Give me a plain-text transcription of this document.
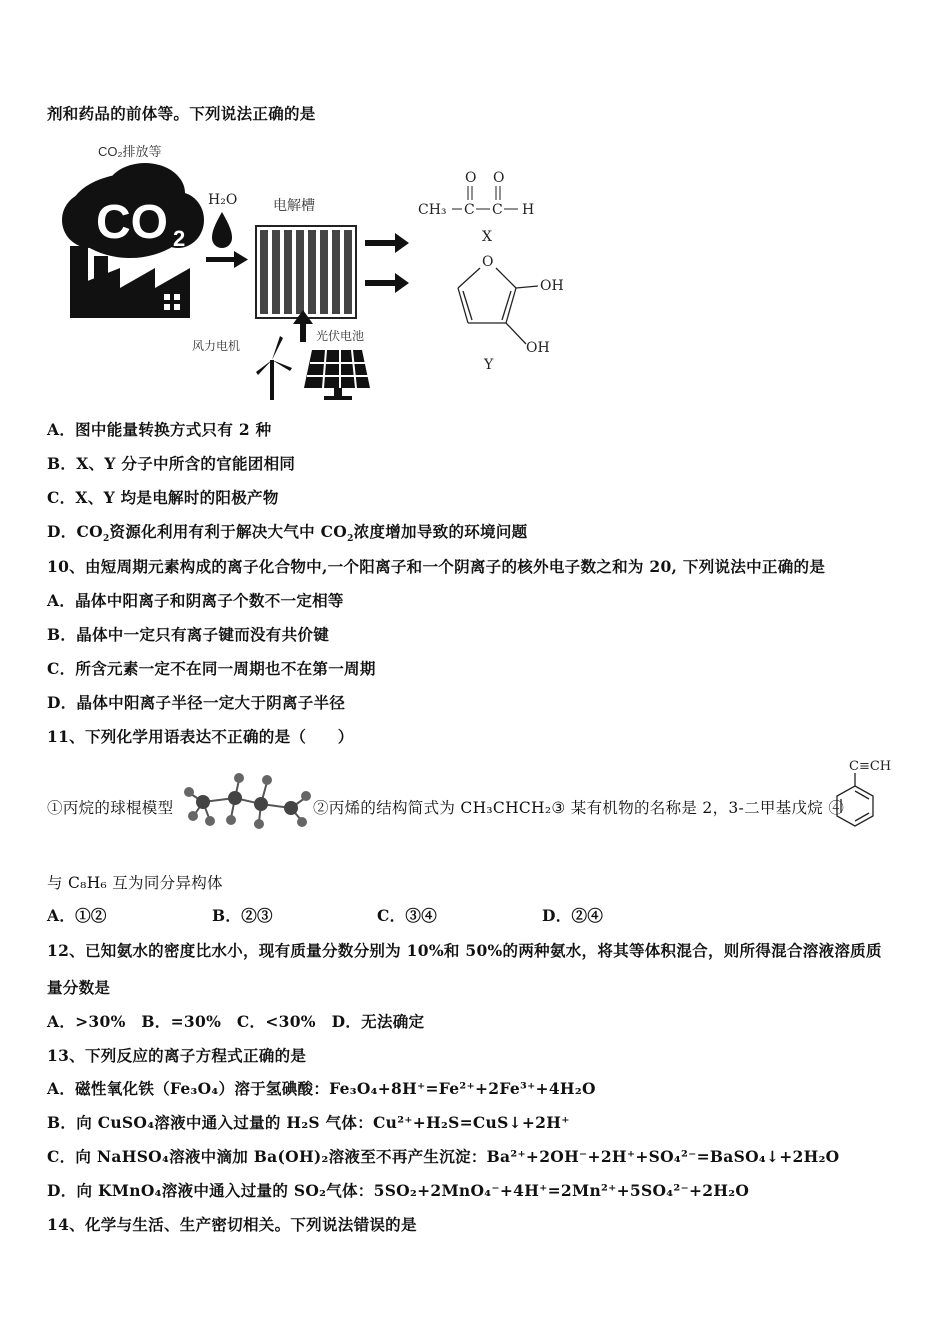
剂和药品的前体等。下列说法正确的是
CO₂排放等
CO 2
H₂O	电解槽
风力电机
光伏电池
CH₃ C C H
O O
X
O
OH
OH
Y
A．图中能量转换方式只有 2 种
B．X、Y 分子中所含的官能团相同
C．X、Y 均是电解时的阳极产物
D．$CO_2$资源化利用有利于解决大气中 $CO_2$浓度增加导致的环境问题
10、由短周期元素构成的离子化合物中,一个阳离子和一个阴离子的核外电子数之和为 20, 下列说法中正确的是
A．晶体中阳离子和阴离子个数不一定相等
B．晶体中一定只有离子键而没有共价键
C．所含元素一定不在同一周期也不在第一周期
D．晶体中阳离子半径一定大于阴离子半径
11、下列化学用语表达不正确的是（　　）
①丙烷的球棍模型	②丙烯的结构简式为 CH₃CHCH₂③ 某有机物的名称是 2，3-二甲基戊烷 ④
C≡CH
与 C₈H₆ 互为同分异构体
A．①②	B．②③	C．③④	D．②④
12、已知氨水的密度比水小，现有质量分数分别为 10%和 50%的两种氨水，将其等体积混合，则所得混合溶液溶质质
量分数是
A．>30%　B．=30%　C．<30%　D．无法确定
13、下列反应的离子方程式正确的是
A．磁性氧化铁（Fe₃O₄）溶于氢碘酸：Fe₃O₄+8H⁺=Fe²⁺+2Fe³⁺+4H₂O
B．向 CuSO₄溶液中通入过量的 H₂S 气体：Cu²⁺+H₂S=CuS↓+2H⁺
C．向 NaHSO₄溶液中滴加 Ba(OH)₂溶液至不再产生沉淀：Ba²⁺+2OH⁻+2H⁺+SO₄²⁻=BaSO₄↓+2H₂O
D．向 KMnO₄溶液中通入过量的 SO₂气体：5SO₂+2MnO₄⁻+4H⁺=2Mn²⁺+5SO₄²⁻+2H₂O
14、化学与生活、生产密切相关。下列说法错误的是
